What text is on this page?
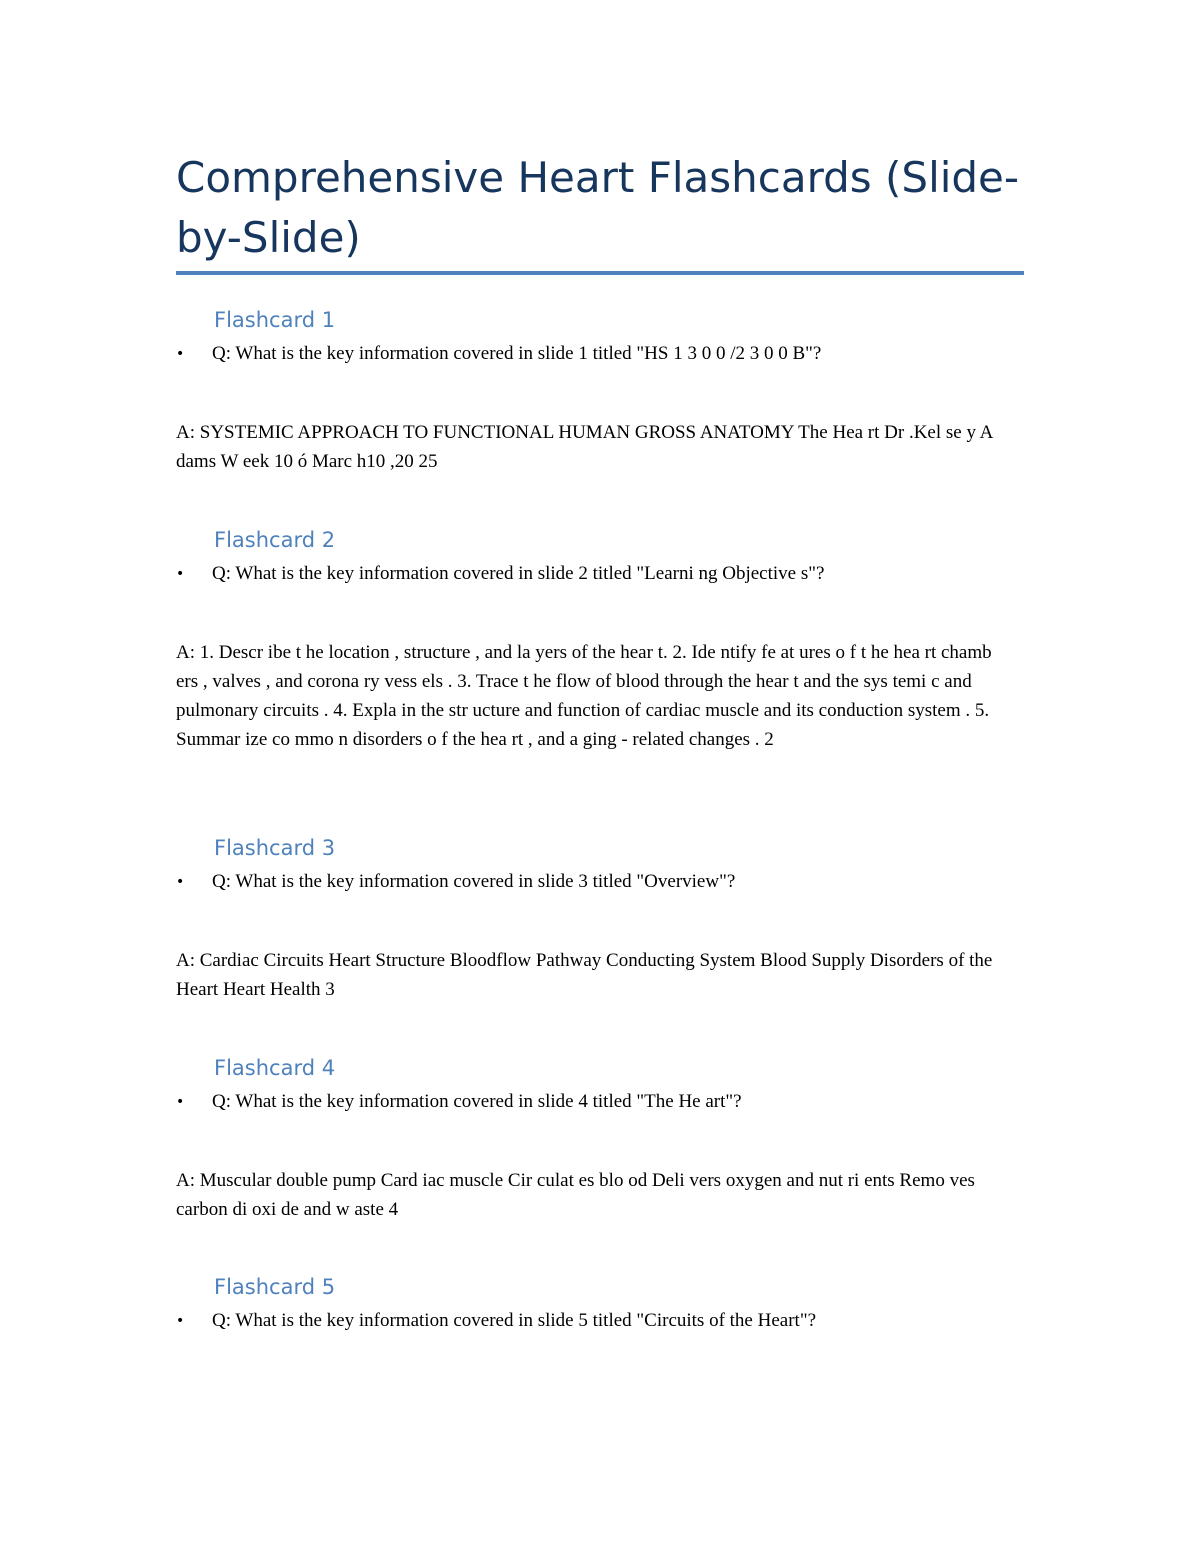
Comprehensive Heart Flashcards (Slide-by-Slide)
Flashcard 1
•	Q: What is the key information covered in slide 1 titled "HS 1 3 0 0 /2 3 0 0 B"?

A: SYSTEMIC APPROACH TO FUNCTIONAL HUMAN GROSS ANATOMY The Hea rt Dr .Kel se y A dams W eek 10 ó Marc h10 ,20 25

Flashcard 2
•	Q: What is the key information covered in slide 2 titled "Learni ng Objective s"?

A: 1. Descr ibe t he location , structure , and la yers of the hear t. 2. Ide ntify fe at ures o f t he hea rt chamb ers , valves , and corona ry vess els . 3. Trace t he flow of blood through the hear t and the sys temi c and pulmonary circuits . 4. Expla in the str ucture and function of cardiac muscle and its conduction system . 5. Summar ize co mmo n disorders o f the hea rt , and a ging - related changes . 2

Flashcard 3
•	Q: What is the key information covered in slide 3 titled "Overview"?

A: Cardiac Circuits Heart Structure Bloodflow Pathway Conducting System Blood Supply Disorders of the Heart Heart Health 3

Flashcard 4
•	Q: What is the key information covered in slide 4 titled "The He art"?

A: Muscular double pump Card iac muscle Cir culat es blo od Deli vers oxygen and nut ri ents Remo ves carbon di oxi de and w aste 4

Flashcard 5
•	Q: What is the key information covered in slide 5 titled "Circuits of the Heart"?
